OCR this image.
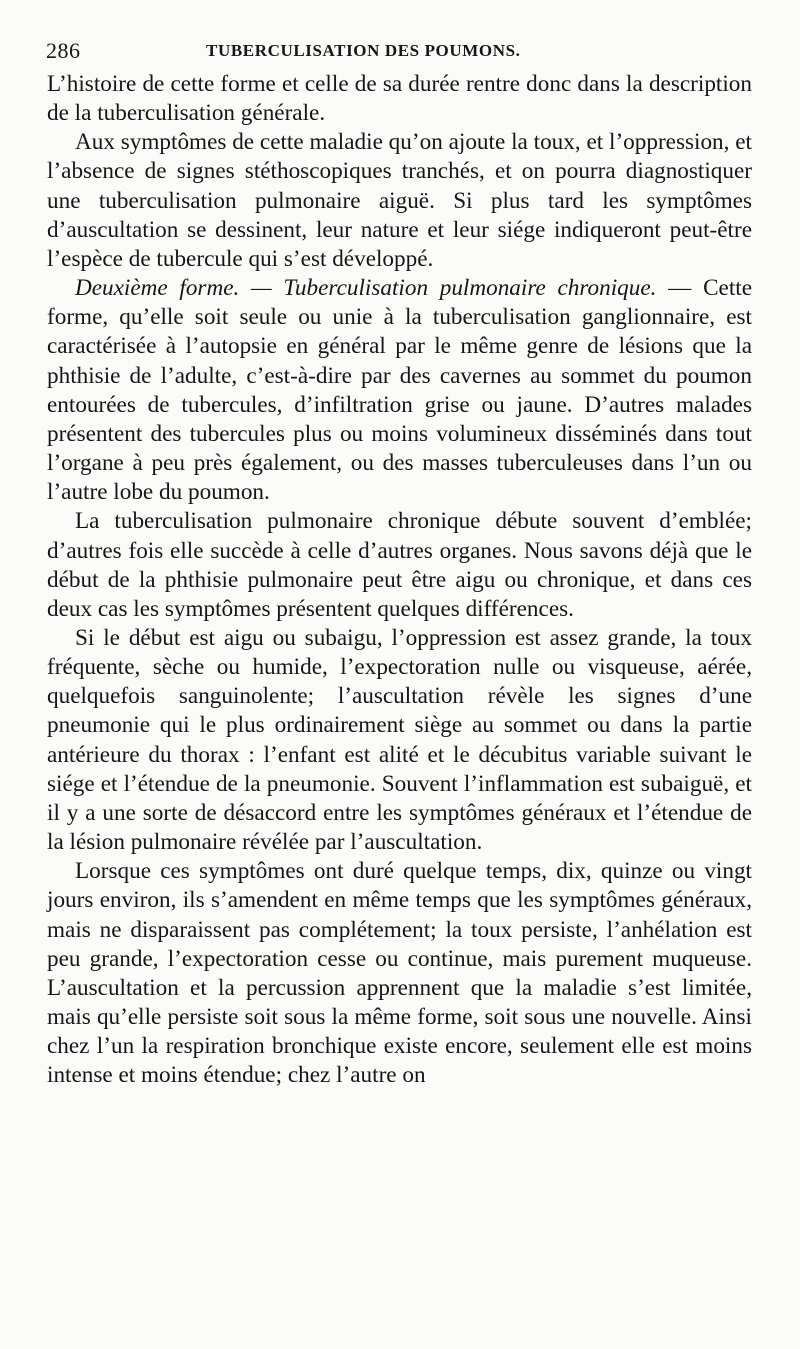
286	TUBERCULISATION DES POUMONS.

L’histoire de cette forme et celle de sa durée rentre donc dans la description de la tuberculisation générale.

Aux symptômes de cette maladie qu’on ajoute la toux, et l’oppression, et l’absence de signes stéthoscopiques tranchés, et on pourra diagnostiquer une tuberculisation pulmonaire aiguë. Si plus tard les symptômes d’auscultation se dessinent, leur nature et leur siége indiqueront peut-être l’espèce de tubercule qui s’est développé.

Deuxième forme. — Tuberculisation pulmonaire chronique. — Cette forme, qu’elle soit seule ou unie à la tuberculisation ganglionnaire, est caractérisée à l’autopsie en général par le même genre de lésions que la phthisie de l’adulte, c’est-à-dire par des cavernes au sommet du poumon entourées de tubercules, d’infiltration grise ou jaune. D’autres malades présentent des tubercules plus ou moins volumineux disséminés dans tout l’organe à peu près également, ou des masses tuberculeuses dans l’un ou l’autre lobe du poumon.

La tuberculisation pulmonaire chronique débute souvent d’emblée; d’autres fois elle succède à celle d’autres organes. Nous savons déjà que le début de la phthisie pulmonaire peut être aigu ou chronique, et dans ces deux cas les symptômes présentent quelques différences.

Si le début est aigu ou subaigu, l’oppression est assez grande, la toux fréquente, sèche ou humide, l’expectoration nulle ou visqueuse, aérée, quelquefois sanguinolente; l’auscultation révèle les signes d’une pneumonie qui le plus ordinairement siège au sommet ou dans la partie antérieure du thorax : l’enfant est alité et le décubitus variable suivant le siége et l’étendue de la pneumonie. Souvent l’inflammation est subaiguë, et il y a une sorte de désaccord entre les symptômes généraux et l’étendue de la lésion pulmonaire révélée par l’auscultation.

Lorsque ces symptômes ont duré quelque temps, dix, quinze ou vingt jours environ, ils s’amendent en même temps que les symptômes généraux, mais ne disparaissent pas complétement; la toux persiste, l’anhélation est peu grande, l’expectoration cesse ou continue, mais purement muqueuse. L’auscultation et la percussion apprennent que la maladie s’est limitée, mais qu’elle persiste soit sous la même forme, soit sous une nouvelle. Ainsi chez l’un la respiration bronchique existe encore, seulement elle est moins intense et moins étendue; chez l’autre on
